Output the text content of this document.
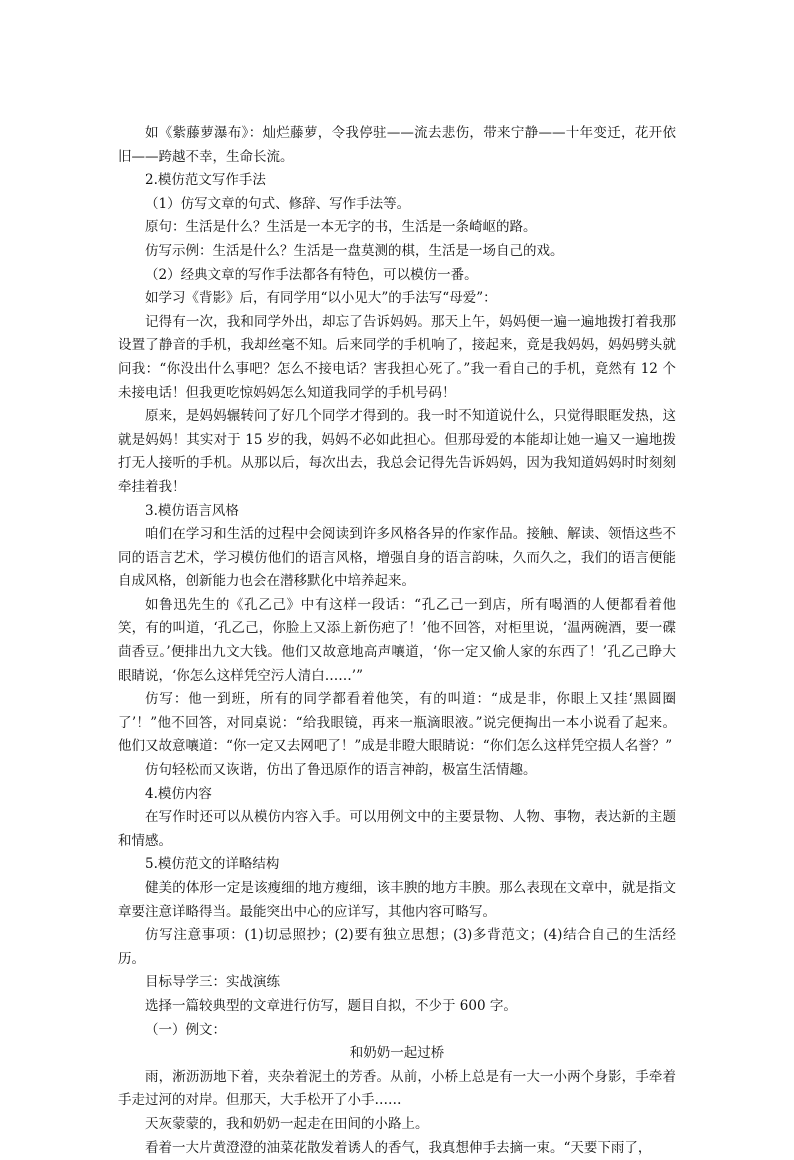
如《紫藤萝瀑布》：灿烂藤萝，令我停驻——流去悲伤，带来宁静——十年变迁，花开依旧——跨越不幸，生命长流。

2.模仿范文写作手法

（1）仿写文章的句式、修辞、写作手法等。

原句：生活是什么？生活是一本无字的书，生活是一条崎岖的路。

仿写示例：生活是什么？生活是一盘莫测的棋，生活是一场自己的戏。

（2）经典文章的写作手法都各有特色，可以模仿一番。

如学习《背影》后，有同学用“以小见大”的手法写“母爱”：

记得有一次，我和同学外出，却忘了告诉妈妈。那天上午，妈妈便一遍一遍地拨打着我那设置了静音的手机，我却丝毫不知。后来同学的手机响了，接起来，竟是我妈妈，妈妈劈头就问我：“你没出什么事吧？怎么不接电话？害我担心死了。”我一看自己的手机，竟然有 12 个未接电话！但我更吃惊妈妈怎么知道我同学的手机号码！

原来，是妈妈辗转问了好几个同学才得到的。我一时不知道说什么，只觉得眼眶发热，这就是妈妈！其实对于 15 岁的我，妈妈不必如此担心。但那母爱的本能却让她一遍又一遍地拨打无人接听的手机。从那以后，每次出去，我总会记得先告诉妈妈，因为我知道妈妈时时刻刻牵挂着我！

3.模仿语言风格

咱们在学习和生活的过程中会阅读到许多风格各异的作家作品。接触、解读、领悟这些不同的语言艺术，学习模仿他们的语言风格，增强自身的语言韵味，久而久之，我们的语言便能自成风格，创新能力也会在潜移默化中培养起来。

如鲁迅先生的《孔乙己》中有这样一段话：“孔乙己一到店，所有喝酒的人便都看着他笑，有的叫道，‘孔乙己，你脸上又添上新伤疤了！’他不回答，对柜里说，‘温两碗酒，要一碟茴香豆。’便排出九文大钱。他们又故意地高声嚷道，‘你一定又偷人家的东西了！’孔乙己睁大眼睛说，‘你怎么这样凭空污人清白……’”

仿写：他一到班，所有的同学都看着他笑，有的叫道：“成是非，你眼上又挂‘黑圆圈了’！”他不回答，对同桌说：“给我眼镜，再来一瓶滴眼液。”说完便掏出一本小说看了起来。他们又故意嚷道：“你一定又去网吧了！”成是非瞪大眼睛说：“你们怎么这样凭空损人名誉？”

仿句轻松而又诙谐，仿出了鲁迅原作的语言神韵，极富生活情趣。

4.模仿内容

在写作时还可以从模仿内容入手。可以用例文中的主要景物、人物、事物，表达新的主题和情感。

5.模仿范文的详略结构

健美的体形一定是该瘦细的地方瘦细，该丰腴的地方丰腴。那么表现在文章中，就是指文章要注意详略得当。最能突出中心的应详写，其他内容可略写。

仿写注意事项：(1)切忌照抄；(2)要有独立思想；(3)多背范文；(4)结合自己的生活经历。

目标导学三：实战演练

选择一篇较典型的文章进行仿写，题目自拟，不少于 600 字。

（一）例文：

和奶奶一起过桥

雨，淅沥沥地下着，夹杂着泥土的芳香。从前，小桥上总是有一大一小两个身影，手牵着手走过河的对岸。但那天，大手松开了小手……

天灰蒙蒙的，我和奶奶一起走在田间的小路上。

看着一大片黄澄澄的油菜花散发着诱人的香气，我真想伸手去摘一束。“天要下雨了，
